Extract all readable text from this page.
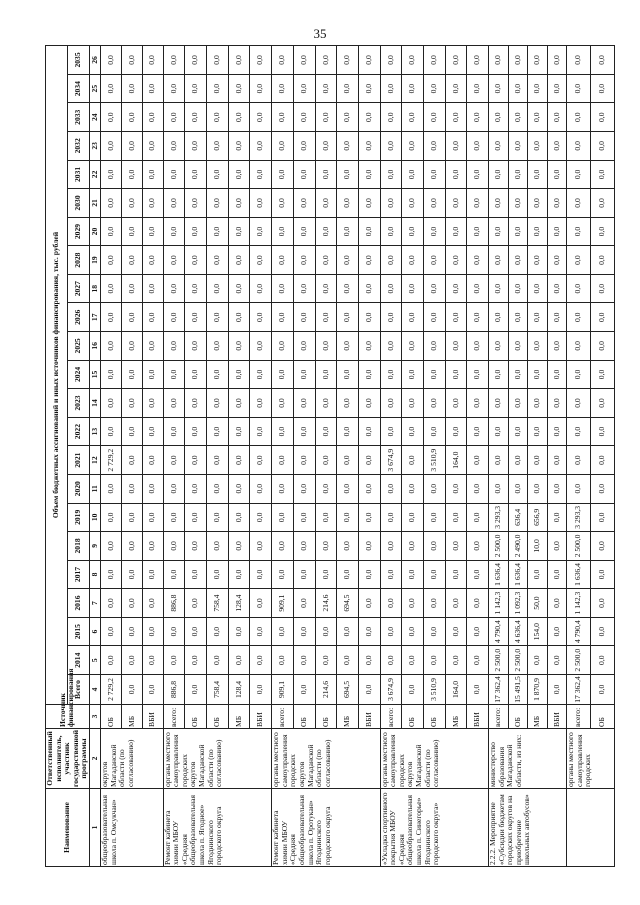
35
Наименование	Ответственный исполнитель, участник государственной программы	Источник финансирования	Объем бюджетных ассигнований и иных источников финансирования, тыс. рублей																						
			Всего	2014	2015	2016	2017	2018	2019	2020	2021	2022	2023	2024	2025	2026	2027	2028	2029	2030	2031	2032	2033	2034	2035
1	2	3	4	5	6	7	8	9	10	11	12	13	14	15	16	17	18	19	20	21	22	23	24	25	26
общеобразовательная школа п. Омсукчан»	округов Магаданской области (по согласованию)	ОБ	2 729,2	0,0	0,0	0,0	0,0	0,0	0,0	0,0	2 729,2	0,0	0,0	0,0	0,0	0,0	0,0	0,0	0,0	0,0	0,0	0,0	0,0	0,0	0,0
		МБ	0,0	0,0	0,0	0,0	0,0	0,0	0,0	0,0	0,0	0,0	0,0	0,0	0,0	0,0	0,0	0,0	0,0	0,0	0,0	0,0	0,0	0,0	0,0
		ВБИ	0,0	0,0	0,0	0,0	0,0	0,0	0,0	0,0	0,0	0,0	0,0	0,0	0,0	0,0	0,0	0,0	0,0	0,0	0,0	0,0	0,0	0,0	0,0
Ремонт кабинета химии МБОУ «Средняя общеобразовательная школа п. Ягодное» Ягоднинского городского округа	органы местного самоуправления городских округов Магаданской области (по согласованию)	всего:	886,8	0,0	0,0	886,8	0,0	0,0	0,0	0,0	0,0	0,0	0,0	0,0	0,0	0,0	0,0	0,0	0,0	0,0	0,0	0,0	0,0	0,0	0,0
		ОБ	0,0	0,0	0,0	0,0	0,0	0,0	0,0	0,0	0,0	0,0	0,0	0,0	0,0	0,0	0,0	0,0	0,0	0,0	0,0	0,0	0,0	0,0	0,0
		ОБ	758,4	0,0	0,0	758,4	0,0	0,0	0,0	0,0	0,0	0,0	0,0	0,0	0,0	0,0	0,0	0,0	0,0	0,0	0,0	0,0	0,0	0,0	0,0
		МБ	128,4	0,0	0,0	128,4	0,0	0,0	0,0	0,0	0,0	0,0	0,0	0,0	0,0	0,0	0,0	0,0	0,0	0,0	0,0	0,0	0,0	0,0	0,0
		ВБИ	0,0	0,0	0,0	0,0	0,0	0,0	0,0	0,0	0,0	0,0	0,0	0,0	0,0	0,0	0,0	0,0	0,0	0,0	0,0	0,0	0,0	0,0	0,0
Ремонт кабинета химии МБОУ «Средняя общеобразовательная школа п. Оротукан» Ягоднинского городского округа	органы местного самоуправления городских округов Магаданской области (по согласованию)	всего:	909,1	0,0	0,0	909,1	0,0	0,0	0,0	0,0	0,0	0,0	0,0	0,0	0,0	0,0	0,0	0,0	0,0	0,0	0,0	0,0	0,0	0,0	0,0
		ОБ	0,0	0,0	0,0	0,0	0,0	0,0	0,0	0,0	0,0	0,0	0,0	0,0	0,0	0,0	0,0	0,0	0,0	0,0	0,0	0,0	0,0	0,0	0,0
		ОБ	214,6	0,0	0,0	214,6	0,0	0,0	0,0	0,0	0,0	0,0	0,0	0,0	0,0	0,0	0,0	0,0	0,0	0,0	0,0	0,0	0,0	0,0	0,0
		МБ	694,5	0,0	0,0	694,5	0,0	0,0	0,0	0,0	0,0	0,0	0,0	0,0	0,0	0,0	0,0	0,0	0,0	0,0	0,0	0,0	0,0	0,0	0,0
		ВБИ	0,0	0,0	0,0	0,0	0,0	0,0	0,0	0,0	0,0	0,0	0,0	0,0	0,0	0,0	0,0	0,0	0,0	0,0	0,0	0,0	0,0	0,0	0,0
«Укладка спортивного покрытия МБОУ «Средняя общеобразовательная школа п. Синегорье» Ягоднинского городского округа»	органы местного самоуправления городских округов Магаданской области (по согласованию)	всего:	3 674,9	0,0	0,0	0,0	0,0	0,0	0,0	0,0	3 674,9	0,0	0,0	0,0	0,0	0,0	0,0	0,0	0,0	0,0	0,0	0,0	0,0	0,0	0,0
		ОБ	0,0	0,0	0,0	0,0	0,0	0,0	0,0	0,0	0,0	0,0	0,0	0,0	0,0	0,0	0,0	0,0	0,0	0,0	0,0	0,0	0,0	0,0	0,0
		ОБ	3 510,9	0,0	0,0	0,0	0,0	0,0	0,0	0,0	3 510,9	0,0	0,0	0,0	0,0	0,0	0,0	0,0	0,0	0,0	0,0	0,0	0,0	0,0	0,0
		МБ	164,0	0,0	0,0	0,0	0,0	0,0	0,0	0,0	164,0	0,0	0,0	0,0	0,0	0,0	0,0	0,0	0,0	0,0	0,0	0,0	0,0	0,0	0,0
		ВБИ	0,0	0,0	0,0	0,0	0,0	0,0	0,0	0,0	0,0	0,0	0,0	0,0	0,0	0,0	0,0	0,0	0,0	0,0	0,0	0,0	0,0	0,0	0,0
2.2.2. Мероприятие «Субсидии бюджетам городских округов на приобретение школьных автобусов»	министерство образования Магаданской области, из них:	всего:	17 362,4	2 500,0	4 790,4	1 142,3	1 636,4	2 500,0	3 293,3	0,0	0,0	0,0	0,0	0,0	0,0	0,0	0,0	0,0	0,0	0,0	0,0	0,0	0,0	0,0	0,0
		ОБ	15 491,5	2 500,0	4 636,4	1 092,3	1 636,4	2 490,0	636,4	0,0	0,0	0,0	0,0	0,0	0,0	0,0	0,0	0,0	0,0	0,0	0,0	0,0	0,0	0,0	0,0
		МБ	1 870,9	0,0	154,0	50,0	0,0	10,0	656,9	0,0	0,0	0,0	0,0	0,0	0,0	0,0	0,0	0,0	0,0	0,0	0,0	0,0	0,0	0,0	0,0
		ВБИ	0,0	0,0	0,0	0,0	0,0	0,0	0,0	0,0	0,0	0,0	0,0	0,0	0,0	0,0	0,0	0,0	0,0	0,0	0,0	0,0	0,0	0,0	0,0
	органы местного самоуправления городских	всего:	17 362,4	2 500,0	4 790,4	1 142,3	1 636,4	2 500,0	3 293,3	0,0	0,0	0,0	0,0	0,0	0,0	0,0	0,0	0,0	0,0	0,0	0,0	0,0	0,0	0,0	0,0
		ОБ	0,0	0,0	0,0	0,0	0,0	0,0	0,0	0,0	0,0	0,0	0,0	0,0	0,0	0,0	0,0	0,0	0,0	0,0	0,0	0,0	0,0	0,0	0,0
